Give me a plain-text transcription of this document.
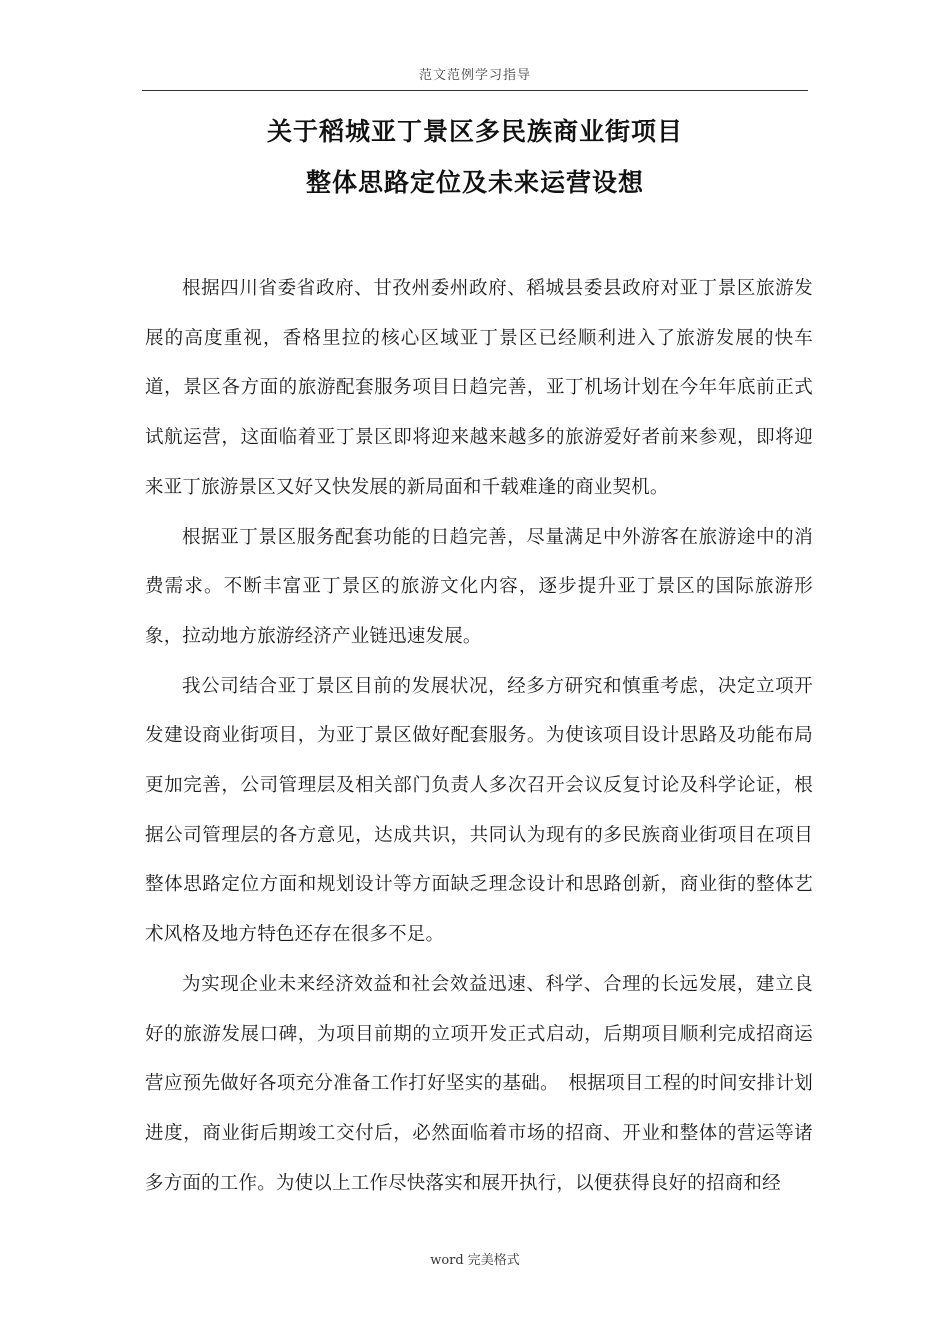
范文范例学习指导
关于稻城亚丁景区多民族商业街项目
整体思路定位及未来运营设想

根据四川省委省政府、甘孜州委州政府、稻城县委县政府对亚丁景区旅游发展的高度重视，香格里拉的核心区域亚丁景区已经顺利进入了旅游发展的快车道，景区各方面的旅游配套服务项目日趋完善，亚丁机场计划在今年年底前正式试航运营，这面临着亚丁景区即将迎来越来越多的旅游爱好者前来参观，即将迎来亚丁旅游景区又好又快发展的新局面和千载难逢的商业契机。

根据亚丁景区服务配套功能的日趋完善，尽量满足中外游客在旅游途中的消费需求。不断丰富亚丁景区的旅游文化内容，逐步提升亚丁景区的国际旅游形象，拉动地方旅游经济产业链迅速发展。

我公司结合亚丁景区目前的发展状况，经多方研究和慎重考虑，决定立项开发建设商业街项目，为亚丁景区做好配套服务。为使该项目设计思路及功能布局更加完善，公司管理层及相关部门负责人多次召开会议反复讨论及科学论证，根据公司管理层的各方意见，达成共识，共同认为现有的多民族商业街项目在项目整体思路定位方面和规划设计等方面缺乏理念设计和思路创新，商业街的整体艺术风格及地方特色还存在很多不足。

为实现企业未来经济效益和社会效益迅速、科学、合理的长远发展，建立良好的旅游发展口碑，为项目前期的立项开发正式启动，后期项目顺利完成招商运营应预先做好各项充分准备工作打好坚实的基础。　根据项目工程的时间安排计划进度，商业街后期竣工交付后，必然面临着市场的招商、开业和整体的营运等诸多方面的工作。为使以上工作尽快落实和展开执行，以便获得良好的招商和经

word 完美格式
